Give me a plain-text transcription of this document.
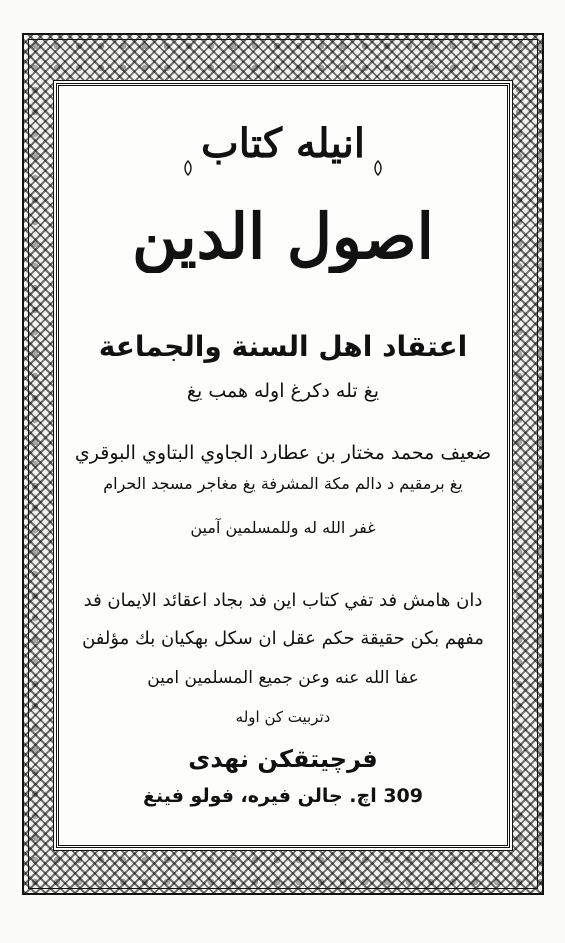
انيله كتاب
اصول الدين
اعتقاد اهل السنة والجماعة
يغ تله دكرغ اوله همب يغ
ضعيف محمد مختار بن عطارد الجاوي البتاوي البوقري
يغ برمقيم د دالم مكة المشرفة يغ مغاجر مسجد الحرام
غفر الله له وللمسلمين آمين
دان هامش فد تفي كتاب اين فد بجاد اعقائد الايمان فد
مفهم بكن حقيقة حكم عقل ان سكل بهكيان بك مؤلفن
عفا الله عنه وعن جميع المسلمين امين
دتربيت كن اوله
فرچيتقكن نهدى
309 اچ. جالن فيره، فولو فينغ
